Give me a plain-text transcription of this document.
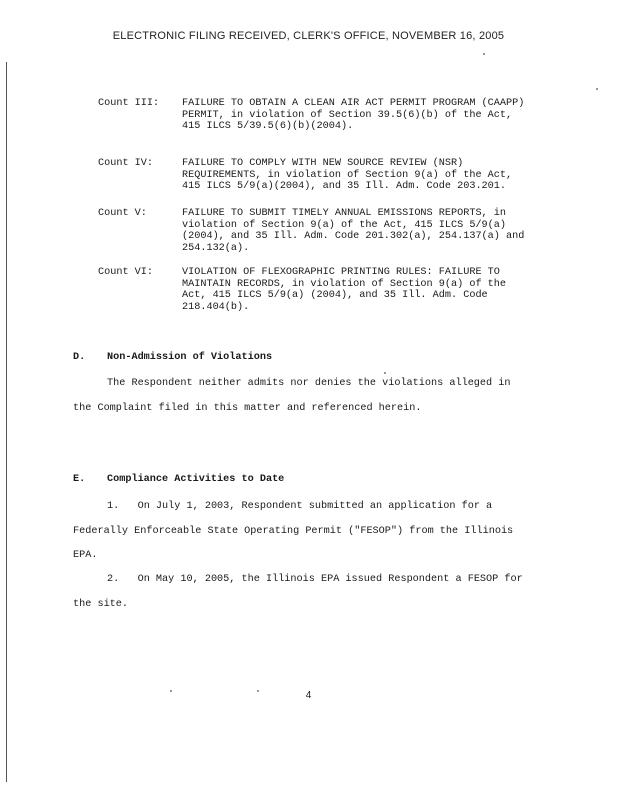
ELECTRONIC FILING RECEIVED, CLERK'S OFFICE, NOVEMBER 16, 2005
Count III:	FAILURE TO OBTAIN A CLEAN AIR ACT PERMIT PROGRAM (CAAPP) PERMIT, in violation of Section 39.5(6)(b) of the Act, 415 ILCS 5/39.5(6)(b)(2004).
Count IV:	FAILURE TO COMPLY WITH NEW SOURCE REVIEW (NSR) REQUIREMENTS, in violation of Section 9(a) of the Act, 415 ILCS 5/9(a)(2004), and 35 Ill. Adm. Code 203.201.
Count V:	FAILURE TO SUBMIT TIMELY ANNUAL EMISSIONS REPORTS, in violation of Section 9(a) of the Act, 415 ILCS 5/9(a) (2004), and 35 Ill. Adm. Code 201.302(a), 254.137(a) and 254.132(a).
Count VI:	VIOLATION OF FLEXOGRAPHIC PRINTING RULES: FAILURE TO MAINTAIN RECORDS, in violation of Section 9(a) of the Act, 415 ILCS 5/9(a) (2004), and 35 Ill. Adm. Code 218.404(b).
D. Non-Admission of Violations
The Respondent neither admits nor denies the violations alleged in the Complaint filed in this matter and referenced herein.
E. Compliance Activities to Date
1. On July 1, 2003, Respondent submitted an application for a Federally Enforceable State Operating Permit ("FESOP") from the Illinois EPA.
2. On May 10, 2005, the Illinois EPA issued Respondent a FESOP for the site.
4
